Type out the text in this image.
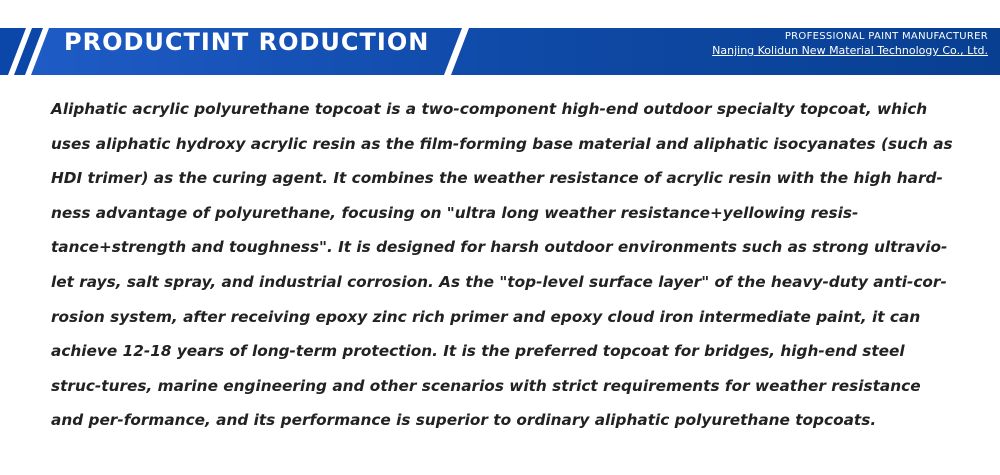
PRODUCTINT RODUCTION	PROFESSIONAL PAINT MANUFACTURER
Nanjing Kolidun New Material Technology Co., Ltd.

Aliphatic acrylic polyurethane topcoat is a two-component high-end outdoor specialty topcoat, which uses aliphatic hydroxy acrylic resin as the film-forming base material and aliphatic isocyanates (such as HDI trimer) as the curing agent. It combines the weather resistance of acrylic resin with the high hard-ness advantage of polyurethane, focusing on "ultra long weather resistance+yellowing resis-tance+strength and toughness". It is designed for harsh outdoor environments such as strong ultravio-let rays, salt spray, and industrial corrosion. As the "top-level surface layer" of the heavy-duty anti-cor-rosion system, after receiving epoxy zinc rich primer and epoxy cloud iron intermediate paint, it can achieve 12-18 years of long-term protection. It is the preferred topcoat for bridges, high-end steel struc-tures, marine engineering and other scenarios with strict requirements for weather resistance and per-formance, and its performance is superior to ordinary aliphatic polyurethane topcoats.
